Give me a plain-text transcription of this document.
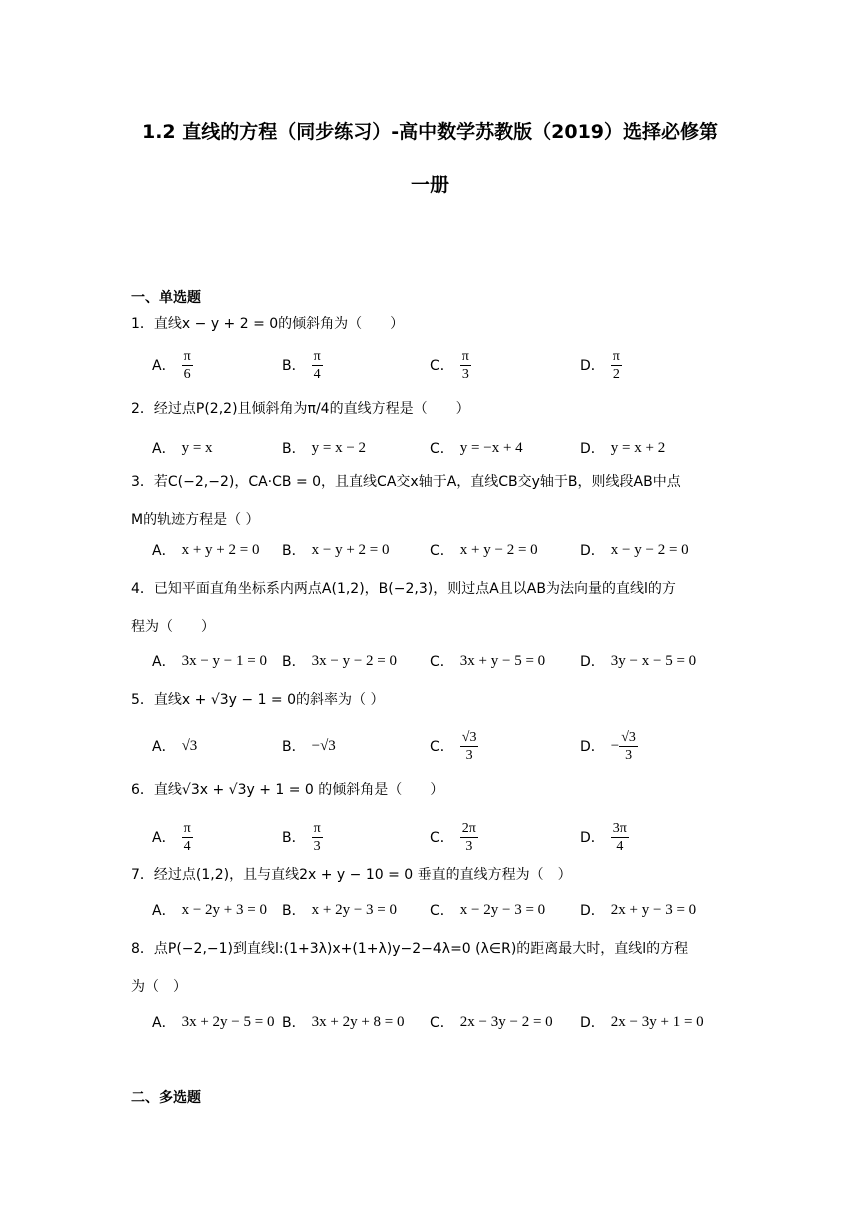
1.2 直线的方程（同步练习）-高中数学苏教版（2019）选择必修第
一册
一、单选题
1．直线x − y + 2 = 0的倾斜角为（　　）
A． $\frac{\pi}{6}$	B． $\frac{\pi}{4}$	C． $\frac{\pi}{3}$	D． $\frac{\pi}{2}$
2．经过点P(2,2)且倾斜角为π/4的直线方程是（　　）
A． y = x	B． y = x − 2	C． y = −x + 4	D． y = x + 2
3．若C(−2,−2)，CA·CB = 0，且直线CA交x轴于A，直线CB交y轴于B，则线段AB中点
M的轨迹方程是（ ）
A． x + y + 2 = 0 B． x − y + 2 = 0	C． x + y − 2 = 0	D． x − y − 2 = 0
4．已知平面直角坐标系内两点A(1,2)，B(−2,3)，则过点A且以AB为法向量的直线l的方
程为（　　）
A． 3x − y − 1 = 0 B． 3x − y − 2 = 0 C． 3x + y − 5 = 0 D． 3y − x − 5 = 0
5．直线x + √3y − 1 = 0的斜率为（ ）
A． √3	B． −√3	C． $\frac{√3}{3}$	D． − $\frac{√3}{3}$
6．直线√3x + √3y + 1 = 0 的倾斜角是（　　）
A． $\frac{\pi}{4}$	B． $\frac{\pi}{3}$	C． $\frac{2\pi}{3}$	D． $\frac{3\pi}{4}$
7．经过点(1,2)，且与直线2x + y − 10 = 0 垂直的直线方程为（　）
A． x − 2y + 3 = 0 B． x + 2y − 3 = 0 C． x − 2y − 3 = 0 D． 2x + y − 3 = 0
8．点P(−2,−1)到直线l:(1+3λ)x+(1+λ)y−2−4λ=0 (λ∈R)的距离最大时，直线l的方程
为（　）
A． 3x + 2y − 5 = 0 B． 3x + 2y + 8 = 0 C． 2x − 3y − 2 = 0 D． 2x − 3y + 1 = 0
二、多选题
